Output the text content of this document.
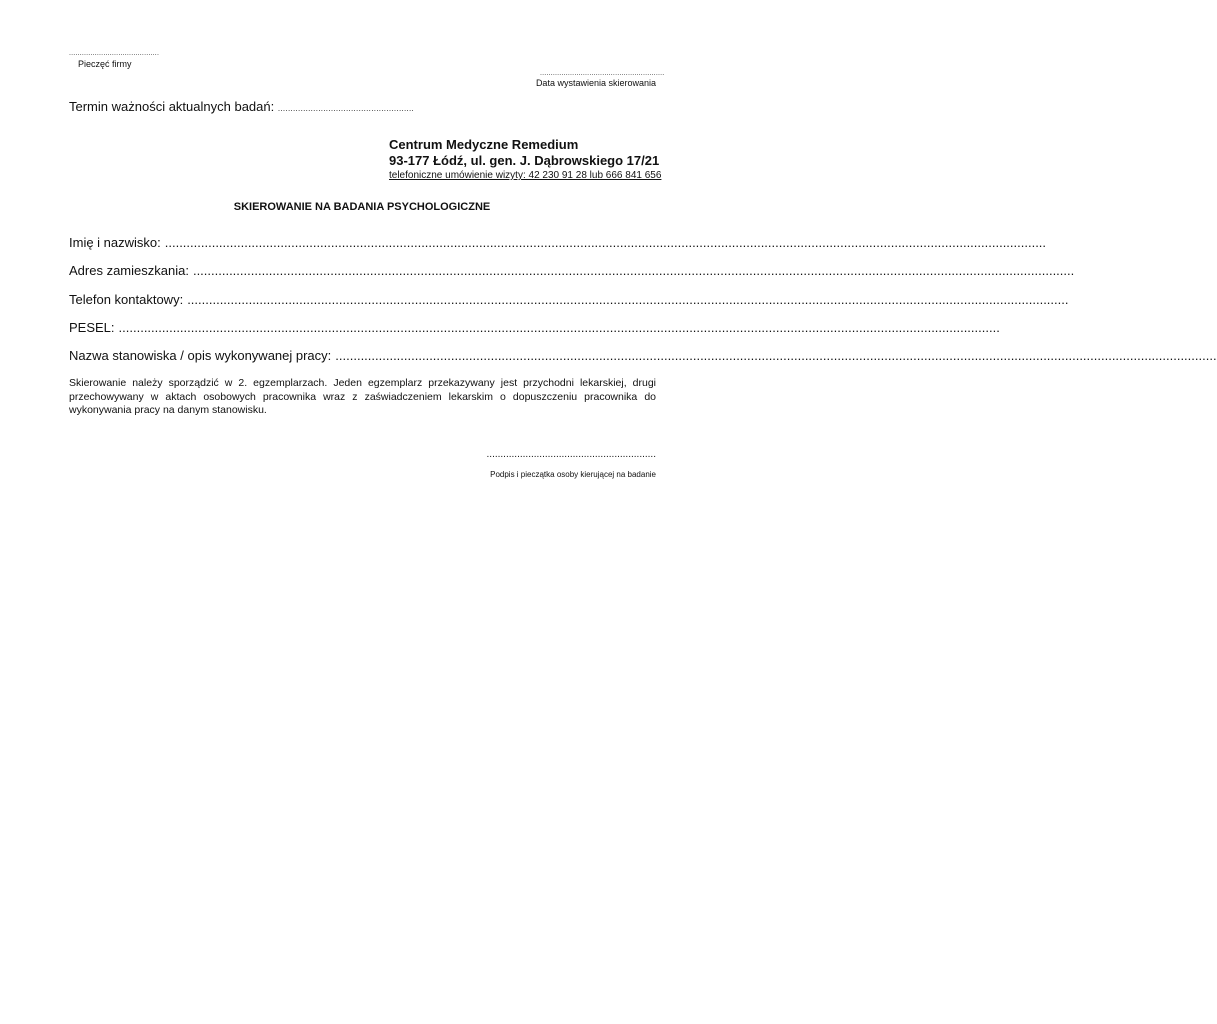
..........................................
Pieczęć firmy
..........................................................
Data wystawienia skierowania
Termin ważności aktualnych badań: ......................................................
Centrum Medyczne Remedium
93-177 Łódź, ul. gen. J. Dąbrowskiego 17/21
telefoniczne umówienie wizyty: 42 230 91 28 lub 666 841 656
SKIEROWANIE NA BADANIA PSYCHOLOGICZNE
Imię i nazwisko: ....................................................................................................................................................................................................................................................
Adres zamieszkania: ....................................................................................................................................................................................................................................................
Telefon kontaktowy: ....................................................................................................................................................................................................................................................
PESEL: ....................................................................................................................................................................................................................................................
Nazwa stanowiska / opis wykonywanej pracy: ....................................................................................................................................................................................................................................................
Skierowanie należy sporządzić w 2. egzemplarzach. Jeden egzemplarz przekazywany jest przychodni lekarskiej, drugi przechowywany w aktach osobowych pracownika wraz z zaświadczeniem lekarskim o dopuszczeniu pracownika do wykonywania pracy na danym stanowisku.
.............................................................
Podpis i pieczątka osoby kierującej na badanie
